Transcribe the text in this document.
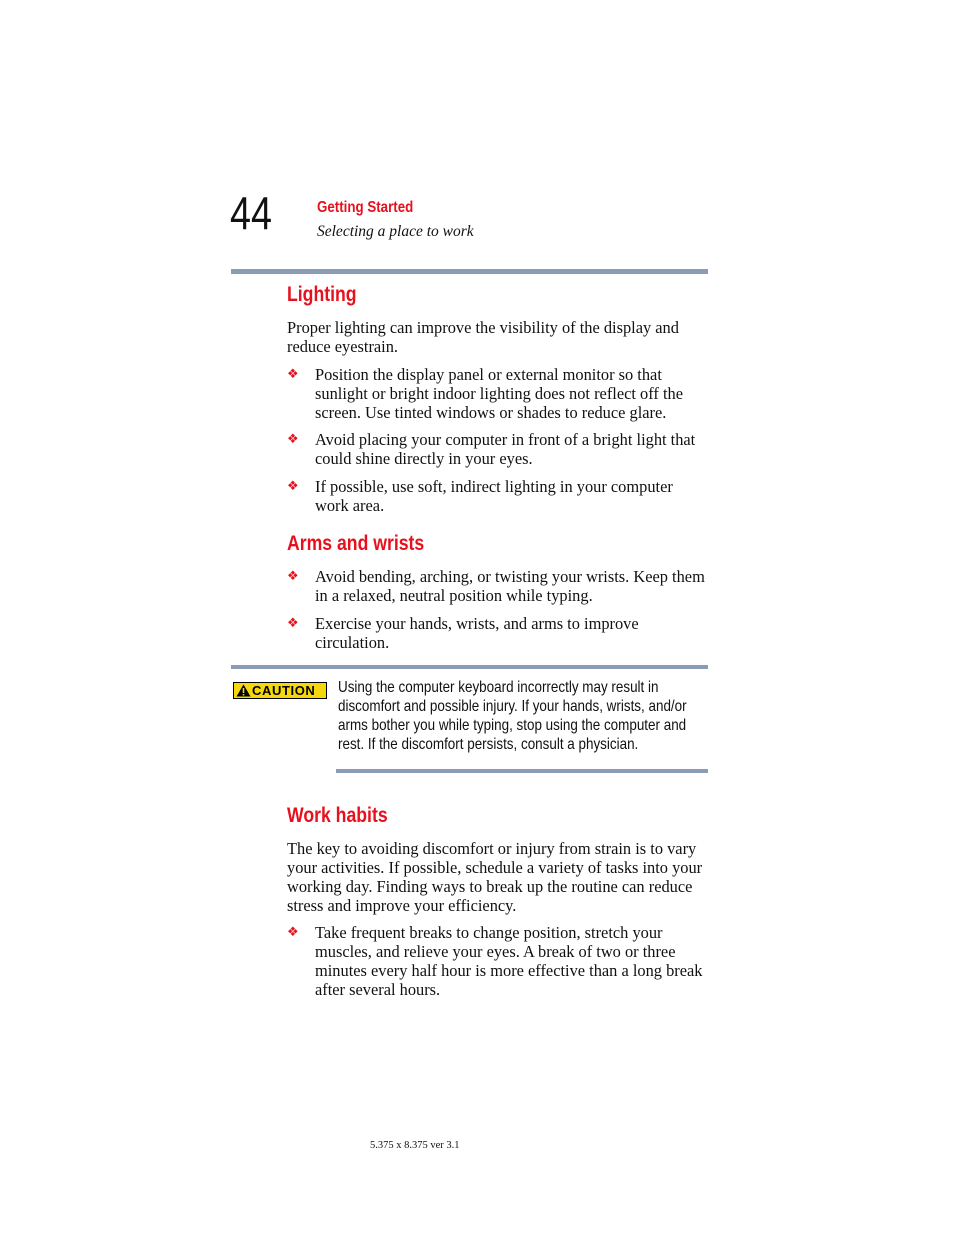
44	Getting Started
Selecting a place to work
Lighting

Proper lighting can improve the visibility of the display and reduce eyestrain.

❖ Position the display panel or external monitor so that sunlight or bright indoor lighting does not reflect off the screen. Use tinted windows or shades to reduce glare.
❖ Avoid placing your computer in front of a bright light that could shine directly in your eyes.
❖ If possible, use soft, indirect lighting in your computer work area.
Arms and wrists
❖ Avoid bending, arching, or twisting your wrists. Keep them in a relaxed, neutral position while typing.
❖ Exercise your hands, wrists, and arms to improve circulation.
CAUTION Using the computer keyboard incorrectly may result in discomfort and possible injury. If your hands, wrists, and/or arms bother you while typing, stop using the computer and rest. If the discomfort persists, consult a physician.
Work habits

The key to avoiding discomfort or injury from strain is to vary your activities. If possible, schedule a variety of tasks into your working day. Finding ways to break up the routine can reduce stress and improve your efficiency.

❖ Take frequent breaks to change position, stretch your muscles, and relieve your eyes. A break of two or three minutes every half hour is more effective than a long break after several hours.
5.375 x 8.375 ver 3.1
